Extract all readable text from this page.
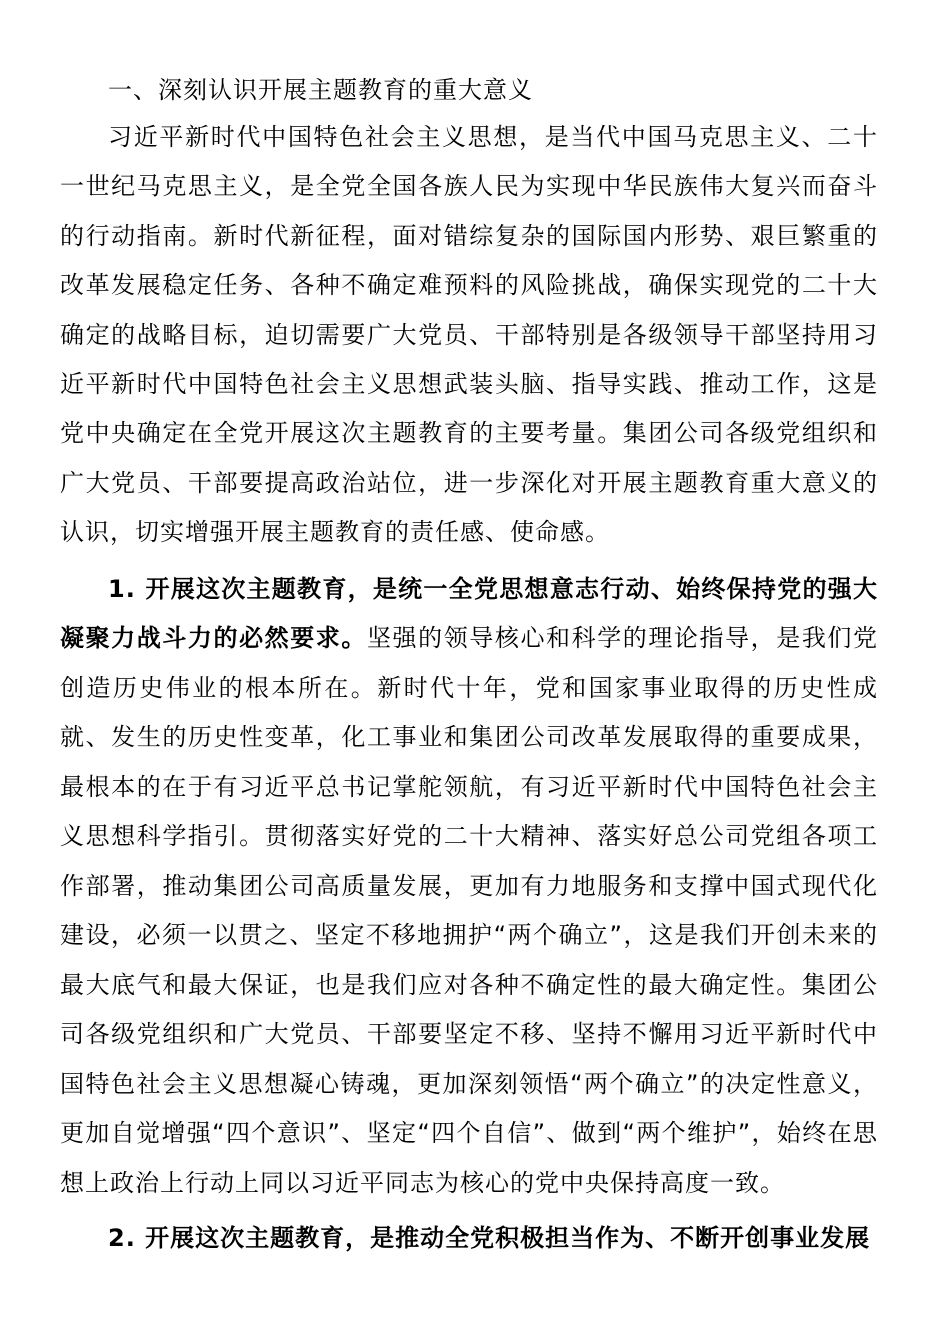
一、深刻认识开展主题教育的重大意义

习近平新时代中国特色社会主义思想，是当代中国马克思主义、二十一世纪马克思主义，是全党全国各族人民为实现中华民族伟大复兴而奋斗的行动指南。新时代新征程，面对错综复杂的国际国内形势、艰巨繁重的改革发展稳定任务、各种不确定难预料的风险挑战，确保实现党的二十大确定的战略目标，迫切需要广大党员、干部特别是各级领导干部坚持用习近平新时代中国特色社会主义思想武装头脑、指导实践、推动工作，这是党中央确定在全党开展这次主题教育的主要考量。集团公司各级党组织和广大党员、干部要提高政治站位，进一步深化对开展主题教育重大意义的认识，切实增强开展主题教育的责任感、使命感。

1. 开展这次主题教育，是统一全党思想意志行动、始终保持党的强大凝聚力战斗力的必然要求。坚强的领导核心和科学的理论指导，是我们党创造历史伟业的根本所在。新时代十年，党和国家事业取得的历史性成就、发生的历史性变革，化工事业和集团公司改革发展取得的重要成果，最根本的在于有习近平总书记掌舵领航，有习近平新时代中国特色社会主义思想科学指引。贯彻落实好党的二十大精神、落实好总公司党组各项工作部署，推动集团公司高质量发展，更加有力地服务和支撑中国式现代化建设，必须一以贯之、坚定不移地拥护“两个确立”，这是我们开创未来的最大底气和最大保证，也是我们应对各种不确定性的最大确定性。集团公司各级党组织和广大党员、干部要坚定不移、坚持不懈用习近平新时代中国特色社会主义思想凝心铸魂，更加深刻领悟“两个确立”的决定性意义，更加自觉增强“四个意识”、坚定“四个自信”、做到“两个维护”，始终在思想上政治上行动上同以习近平同志为核心的党中央保持高度一致。

2. 开展这次主题教育，是推动全党积极担当作为、不断开创事业发展
